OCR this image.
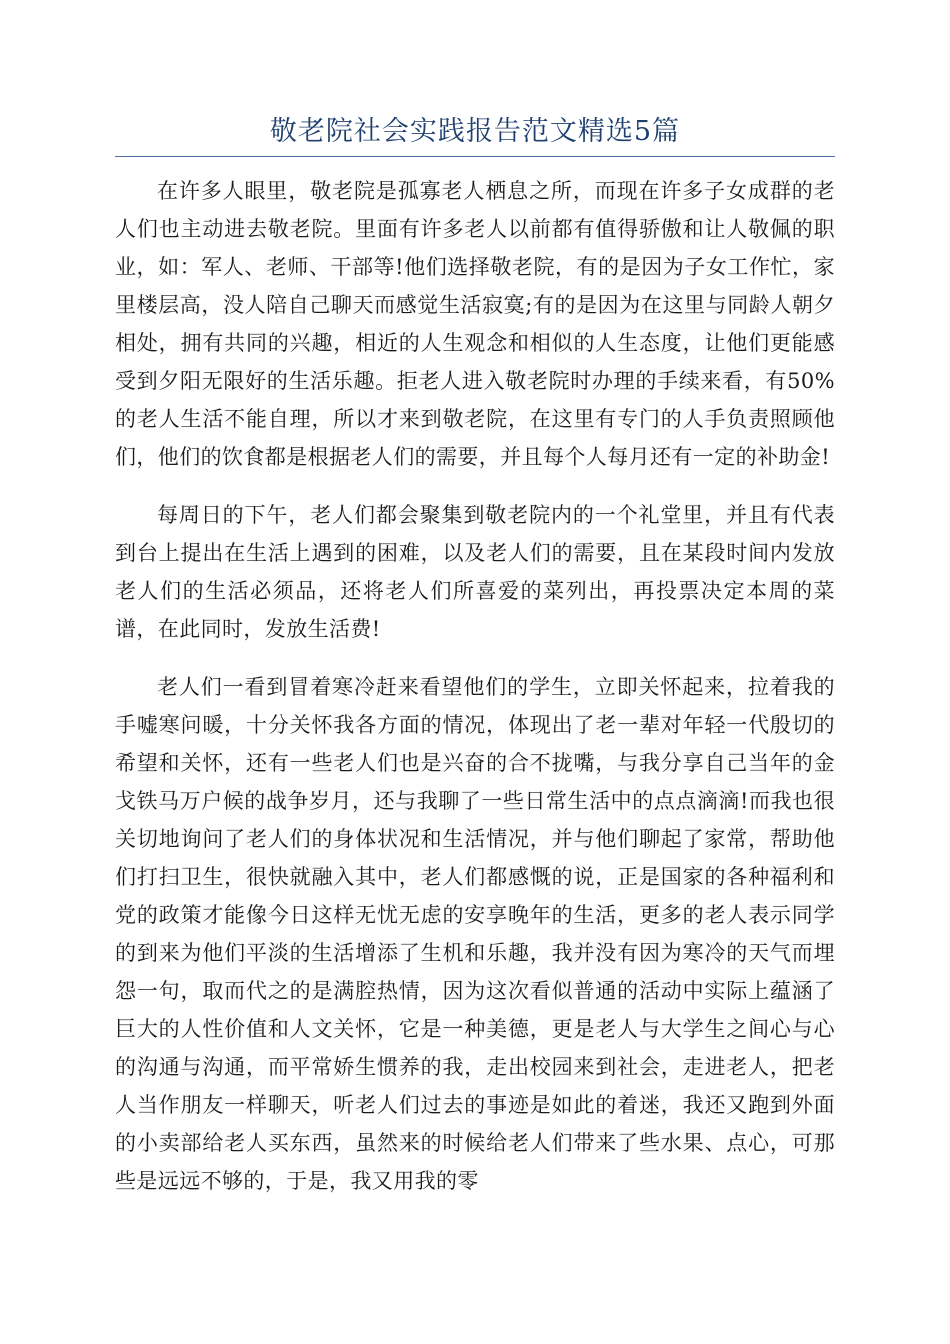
敬老院社会实践报告范文精选5篇

在许多人眼里，敬老院是孤寡老人栖息之所，而现在许多子女成群的老人们也主动进去敬老院。里面有许多老人以前都有值得骄傲和让人敬佩的职业，如：军人、老师、干部等!他们选择敬老院，有的是因为子女工作忙，家里楼层高，没人陪自己聊天而感觉生活寂寞;有的是因为在这里与同龄人朝夕相处，拥有共同的兴趣，相近的人生观念和相似的人生态度，让他们更能感受到夕阳无限好的生活乐趣。拒老人进入敬老院时办理的手续来看，有50%的老人生活不能自理，所以才来到敬老院，在这里有专门的人手负责照顾他们，他们的饮食都是根据老人们的需要，并且每个人每月还有一定的补助金!

每周日的下午，老人们都会聚集到敬老院内的一个礼堂里，并且有代表到台上提出在生活上遇到的困难，以及老人们的需要，且在某段时间内发放老人们的生活必须品，还将老人们所喜爱的菜列出，再投票决定本周的菜谱，在此同时，发放生活费!

老人们一看到冒着寒冷赶来看望他们的学生，立即关怀起来，拉着我的手嘘寒问暖，十分关怀我各方面的情况，体现出了老一辈对年轻一代殷切的希望和关怀，还有一些老人们也是兴奋的合不拢嘴，与我分享自己当年的金戈铁马万户候的战争岁月，还与我聊了一些日常生活中的点点滴滴!而我也很关切地询问了老人们的身体状况和生活情况，并与他们聊起了家常，帮助他们打扫卫生，很快就融入其中，老人们都感慨的说，正是国家的各种福利和党的政策才能像今日这样无忧无虑的安享晚年的生活，更多的老人表示同学的到来为他们平淡的生活增添了生机和乐趣，我并没有因为寒冷的天气而埋怨一句，取而代之的是满腔热情，因为这次看似普通的活动中实际上蕴涵了巨大的人性价值和人文关怀，它是一种美德，更是老人与大学生之间心与心的沟通与沟通，而平常娇生惯养的我，走出校园来到社会，走进老人，把老人当作朋友一样聊天，听老人们过去的事迹是如此的着迷，我还又跑到外面的小卖部给老人买东西，虽然来的时候给老人们带来了些水果、点心，可那些是远远不够的，于是，我又用我的零
